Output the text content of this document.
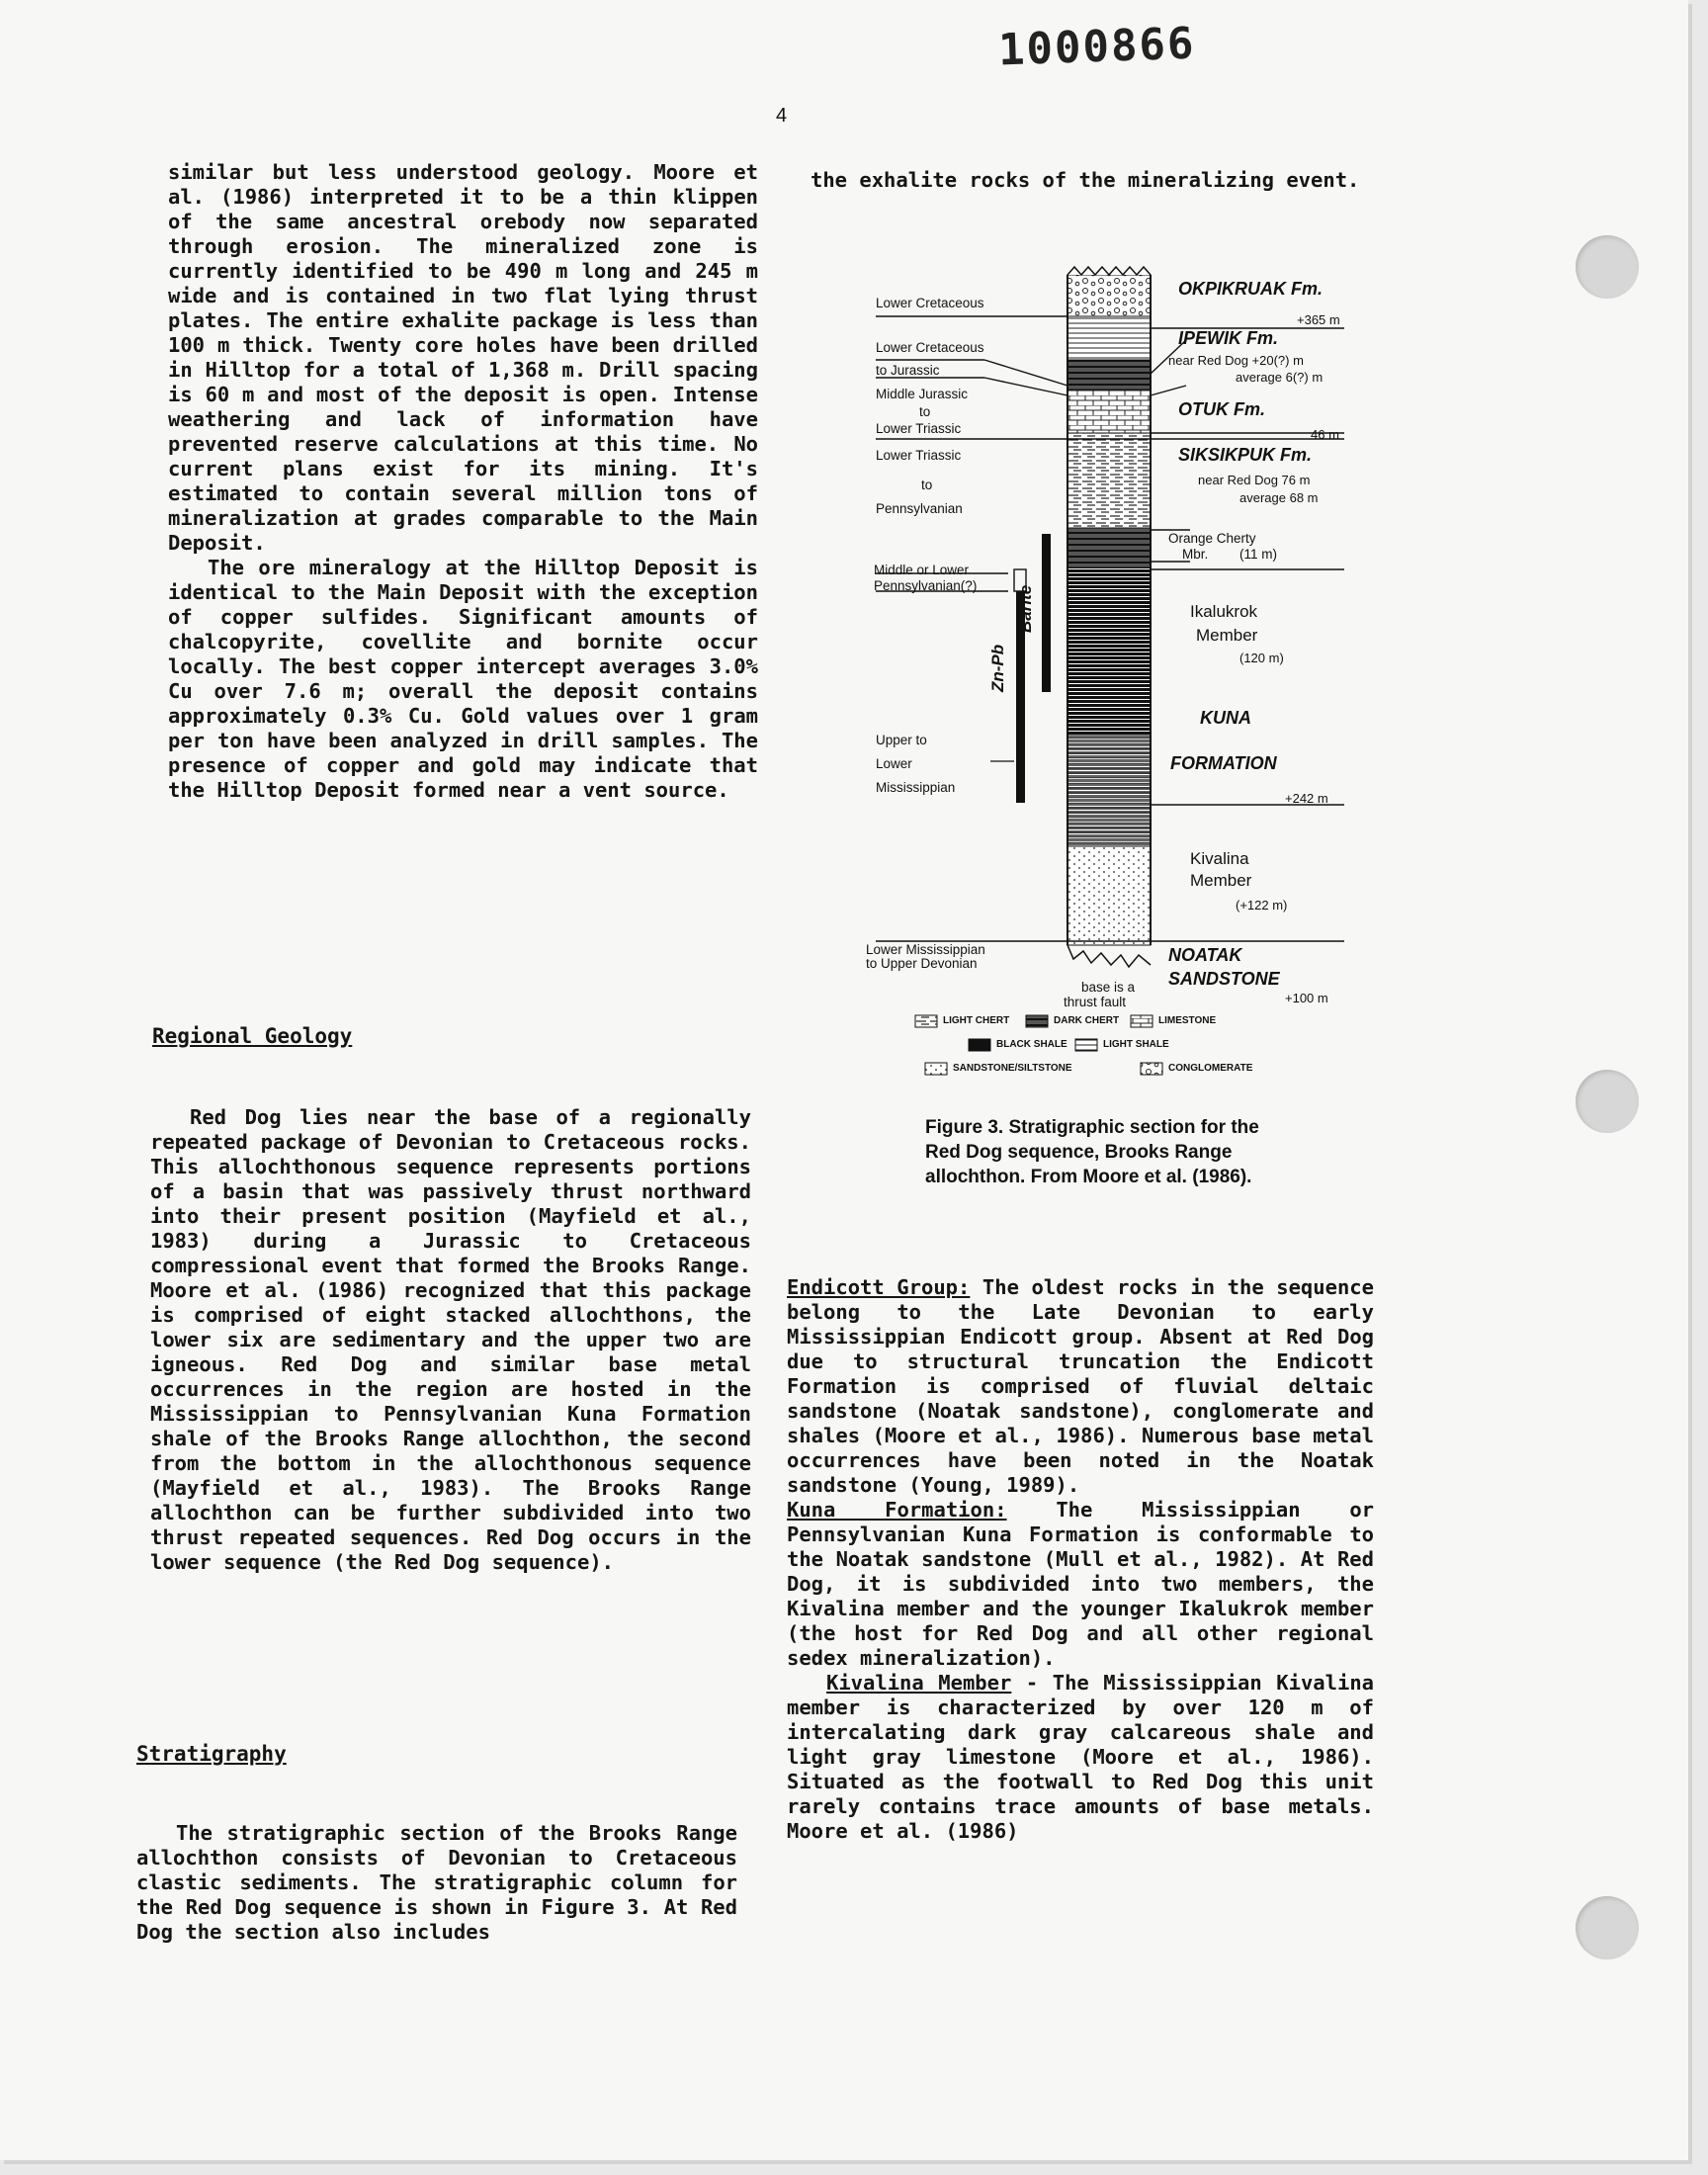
1000866
4

similar but less understood geology. Moore et al. (1986) interpreted it to be a thin klippen of the same ancestral orebody now separated through erosion. The mineralized zone is currently identified to be 490 m long and 245 m wide and is contained in two flat lying thrust plates. The entire exhalite package is less than 100 m thick. Twenty core holes have been drilled in Hilltop for a total of 1,368 m. Drill spacing is 60 m and most of the deposit is open. Intense weathering and lack of information have prevented reserve calculations at this time. No current plans exist for its mining. It's estimated to contain several million tons of mineralization at grades comparable to the Main Deposit.

The ore mineralogy at the Hilltop Deposit is identical to the Main Deposit with the exception of copper sulfides. Significant amounts of chalcopyrite, covellite and bornite occur locally. The best copper intercept averages 3.0% Cu over 7.6 m; overall the deposit contains approximately 0.3% Cu. Gold values over 1 gram per ton have been analyzed in drill samples. The presence of copper and gold may indicate that the Hilltop Deposit formed near a vent source.

Regional Geology

Red Dog lies near the base of a regionally repeated package of Devonian to Cretaceous rocks. This allochthonous sequence represents portions of a basin that was passively thrust northward into their present position (Mayfield et al., 1983) during a Jurassic to Cretaceous compressional event that formed the Brooks Range. Moore et al. (1986) recognized that this package is comprised of eight stacked allochthons, the lower six are sedimentary and the upper two are igneous. Red Dog and similar base metal occurrences in the region are hosted in the Mississippian to Pennsylvanian Kuna Formation shale of the Brooks Range allochthon, the second from the bottom in the allochthonous sequence (Mayfield et al., 1983). The Brooks Range allochthon can be further subdivided into two thrust repeated sequences. Red Dog occurs in the lower sequence (the Red Dog sequence).

Stratigraphy

The stratigraphic section of the Brooks Range allochthon consists of Devonian to Cretaceous clastic sediments. The stratigraphic column for the Red Dog sequence is shown in Figure 3. At Red Dog the section also includes

the exhalite rocks of the mineralizing event.

Endicott Group: The oldest rocks in the sequence belong to the Late Devonian to early Mississippian Endicott group. Absent at Red Dog due to structural truncation the Endicott Formation is comprised of fluvial deltaic sandstone (Noatak sandstone), conglomerate and shales (Moore et al., 1986). Numerous base metal occurrences have been noted in the Noatak sandstone (Young, 1989).

Kuna Formation: The Mississippian or Pennsylvanian Kuna Formation is conformable to the Noatak sandstone (Mull et al., 1982). At Red Dog, it is subdivided into two members, the Kivalina member and the younger Ikalukrok member (the host for Red Dog and all other regional sedex mineralization).

Kivalina Member - The Mississippian Kivalina member is characterized by over 120 m of intercalating dark gray calcareous shale and light gray limestone (Moore et al., 1986). Situated as the footwall to Red Dog this unit rarely contains trace amounts of base metals. Moore et al. (1986)

Lower Cretaceous
Lower Cretaceous
to Jurassic
Middle Jurassic
to
Lower Triassic
Lower Triassic
to
Pennsylvanian
Middle or Lower
Pennsylvanian(?)
Upper to
Lower
Mississippian
Lower Mississippian
to Upper Devonian
OKPIKRUAK Fm.
+365 m
IPEWIK Fm.
near Red Dog +20(?) m
average 6(?) m
OTUK Fm.
46 m
SIKSIKPUK Fm.
near Red Dog 76 m
average 68 m
Orange Cherty
Mbr. (11 m)
Ikalukrok
Member
(120 m)
KUNA
FORMATION
+242 m
Kivalina
Member
(+122 m)
NOATAK
SANDSTONE
+100 m
base is a
thrust fault
Zn-Pb
Barite
LIGHT CHERT	DARK CHERT	LIMESTONE
BLACK SHALE	LIGHT SHALE
SANDSTONE/SILTSTONE	CONGLOMERATE
Figure 3. Stratigraphic section for the Red Dog sequence, Brooks Range allochthon. From Moore et al. (1986).
